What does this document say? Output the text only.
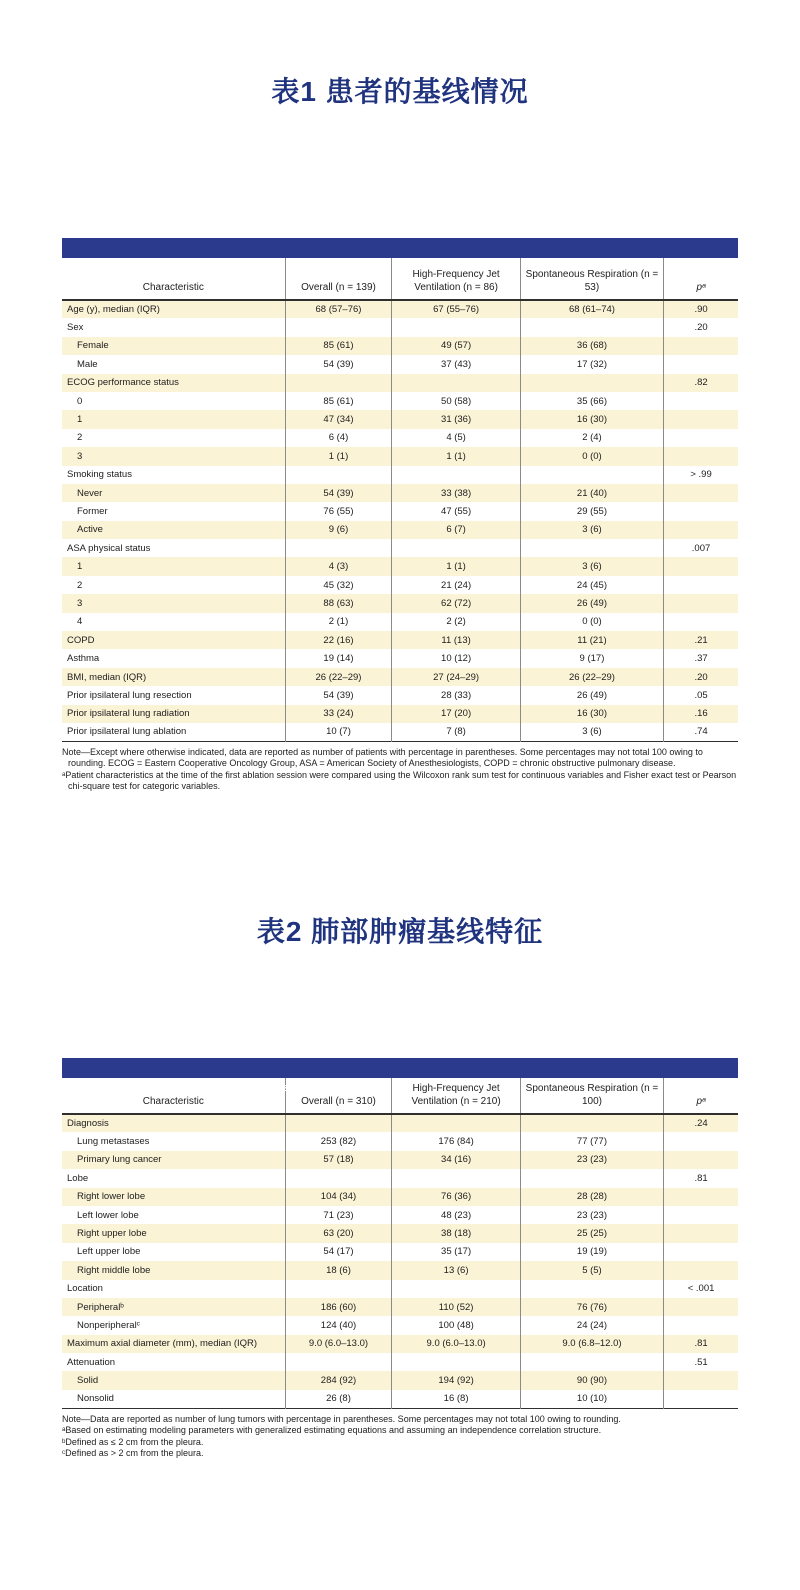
表1 患者的基线情况

TABLE 1:  Baseline Patient Characteristics

Characteristic	Overall (n = 139)	High-Frequency Jet Ventilation (n = 86)	Spontaneous Respiration (n = 53)	pᵃ
Age (y), median (IQR)	68 (57–76)	67 (55–76)	68 (61–74)	.90
Sex				.20
Female	85 (61)	49 (57)	36 (68)	
Male	54 (39)	37 (43)	17 (32)	
ECOG performance status				.82
0	85 (61)	50 (58)	35 (66)	
1	47 (34)	31 (36)	16 (30)	
2	6 (4)	4 (5)	2 (4)	
3	1 (1)	1 (1)	0 (0)	
Smoking status				> .99
Never	54 (39)	33 (38)	21 (40)	
Former	76 (55)	47 (55)	29 (55)	
Active	9 (6)	6 (7)	3 (6)	
ASA physical status				.007
1	4 (3)	1 (1)	3 (6)	
2	45 (32)	21 (24)	24 (45)	
3	88 (63)	62 (72)	26 (49)	
4	2 (1)	2 (2)	0 (0)	
COPD	22 (16)	11 (13)	11 (21)	.21
Asthma	19 (14)	10 (12)	9 (17)	.37
BMI, median (IQR)	26 (22–29)	27 (24–29)	26 (22–29)	.20
Prior ipsilateral lung resection	54 (39)	28 (33)	26 (49)	.05
Prior ipsilateral lung radiation	33 (24)	17 (20)	16 (30)	.16
Prior ipsilateral lung ablation	10 (7)	7 (8)	3 (6)	.74
Note—Except where otherwise indicated, data are reported as number of patients with percentage in parentheses. Some percentages may not total 100 owing to rounding. ECOG = Eastern Cooperative Oncology Group, ASA = American Society of Anesthesiologists, COPD = chronic obstructive pulmonary disease.
ᵃPatient characteristics at the time of the first ablation session were compared using the Wilcoxon rank sum test for continuous variables and Fisher exact test or Pearson chi-square test for categoric variables.
表2 肺部肿瘤基线特征

TABLE 2:  Lung Tumor Characteristics

Characteristic	Overall (n = 310)	High-Frequency Jet Ventilation (n = 210)	Spontaneous Respiration (n = 100)	pᵃ
Diagnosis				.24
Lung metastases	253 (82)	176 (84)	77 (77)	
Primary lung cancer	57 (18)	34 (16)	23 (23)	
Lobe				.81
Right lower lobe	104 (34)	76 (36)	28 (28)	
Left lower lobe	71 (23)	48 (23)	23 (23)	
Right upper lobe	63 (20)	38 (18)	25 (25)	
Left upper lobe	54 (17)	35 (17)	19 (19)	
Right middle lobe	18 (6)	13 (6)	5 (5)	
Location				< .001
Peripheralᵇ	186 (60)	110 (52)	76 (76)	
Nonperipheralᶜ	124 (40)	100 (48)	24 (24)	
Maximum axial diameter (mm), median (IQR)	9.0 (6.0–13.0)	9.0 (6.0–13.0)	9.0 (6.8–12.0)	.81
Attenuation				.51
Solid	284 (92)	194 (92)	90 (90)	
Nonsolid	26 (8)	16 (8)	10 (10)	
Note—Data are reported as number of lung tumors with percentage in parentheses. Some percentages may not total 100 owing to rounding.
ᵃBased on estimating modeling parameters with generalized estimating equations and assuming an independence correlation structure.
ᵇDefined as ≤ 2 cm from the pleura.
ᶜDefined as > 2 cm from the pleura.
